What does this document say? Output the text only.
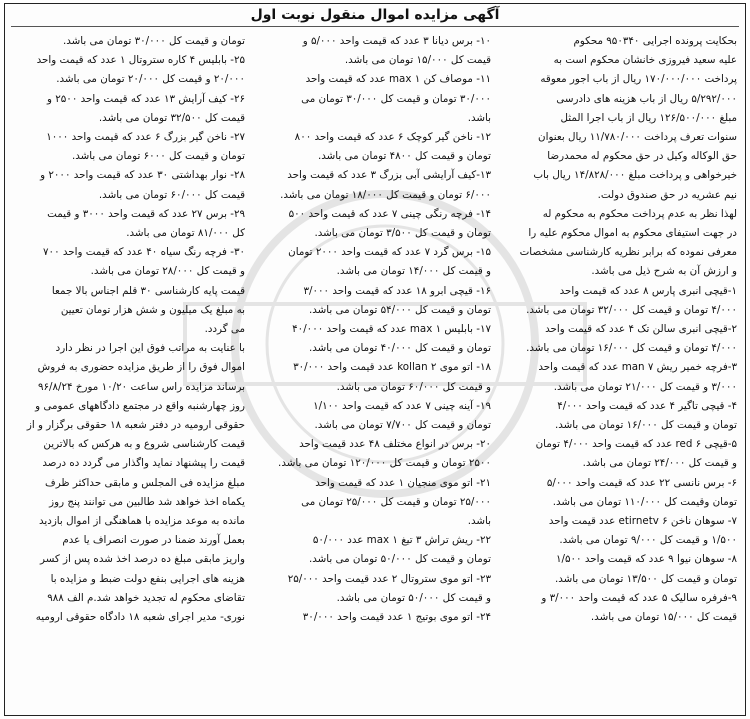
آگهی مزایده اموال منقول نوبت اول

بحکایت پرونده اجرایی ۹۵۰۳۴۰ محکوم

علیه سعید فیروزی خانشان محکوم است به

پرداخت ۱۷۰/۰۰۰/۰۰۰ ریال از باب اجور معوقه

۵/۲۹۲/۰۰۰ ریال از باب هزینه های دادرسی

مبلغ ۱۲۶/۵۰۰/۰۰۰ ریال از باب اجرا المثل

سنوات تعرف پرداخت ۱۱/۷۸۰/۰۰۰ ریال بعنوان

حق الوکاله وکیل در حق محکوم له محمدرضا

خیرخواهی و پرداخت مبلغ ۱۴/۸۲۸/۰۰۰ ریال باب

نیم عشریه در حق صندوق دولت.

لهذا نظر به عدم پرداخت محکوم به محکوم له

در جهت استیفای محکوم به اموال محکوم علیه را

معرفی نموده که برابر نظریه کارشناسی مشخصات

و ارزش آن به شرح ذیل می باشد.

۱-قیچی انبری پارس ۸ عدد که قیمت واحد

۴/۰۰۰ تومان و قیمت کل ۳۲/۰۰۰ تومان می باشد.

۲-قیچی انبری سالن تک ۴ عدد که قیمت واحد

۴/۰۰۰ تومان و قیمت کل ۱۶/۰۰۰ تومان می باشد.

۳-فرچه خمیر ریش man ۷ عدد که قیمت واحد

۳/۰۰۰ و قیمت کل ۲۱/۰۰۰ تومان می باشد.

۴- قیچی تاگیر ۴ عدد که قیمت واحد ۴/۰۰۰

تومان و قیمت کل ۱۶/۰۰۰ تومان می باشد.

۵-قیچی red ۶ عدد که قیمت واحد ۴/۰۰۰ تومان

و قیمت کل ۲۴/۰۰۰ تومان می باشد.

۶- برس نانسی ۲۲ عدد که قیمت واحد ۵/۰۰۰

تومان وقیمت کل ۱۱۰/۰۰۰ تومان می باشد.

۷- سوهان ناخن etirnetv ۶ عدد قیمت واحد

۱/۵۰۰ و قیمت کل ۹/۰۰۰ تومان می باشد.

۸- سوهان نیوا ۹ عدد که قیمت واحد ۱/۵۰۰

تومان و قیمت کل ۱۳/۵۰۰ تومان می باشد.

۹-فرفره سالیک ۵ عدد که قیمت واحد ۳/۰۰۰ و

قیمت کل ۱۵/۰۰۰ تومان می باشد.

۱۰- برس دیانا ۳ عدد که قیمت واحد ۵/۰۰۰ و

قیمت کل ۱۵/۰۰۰ تومان می باشد.

۱۱- موصاف کن max ۱ عدد که قیمت واحد

۳۰/۰۰۰ تومان و قیمت کل ۳۰/۰۰۰ تومان می

باشد.

۱۲- ناخن گیر کوچک ۶ عدد که قیمت واحد ۸۰۰

تومان و قیمت کل ۴۸۰۰ تومان می باشد.

۱۳-کیف آرایشی آبی بزرگ ۳ عدد که قیمت واحد

۶/۰۰۰ تومان و قیمت کل ۱۸/۰۰۰ تومان می باشد.

۱۴- فرچه رنگی چینی ۷ عدد که قیمت واحد ۵۰۰

تومان و قیمت کل ۳/۵۰۰ تومان می باشد.

۱۵- برس گرد ۷ عدد که قیمت واحد ۲۰۰۰ تومان

و قیمت کل ۱۴/۰۰۰ تومان می باشد.

۱۶- قیچی ابرو ۱۸ عدد که قیمت واحد ۳/۰۰۰

تومان و قیمت کل ۵۴/۰۰۰ تومان می باشد.

۱۷- بابلیس max ۱ عدد که قیمت واحد ۴۰/۰۰۰

تومان و قیمت کل ۴۰/۰۰۰ تومان می باشد.

۱۸- اتو موی kollan ۲ عدد قیمت واحد ۳۰/۰۰۰

و قیمت کل ۶۰/۰۰۰ تومان می باشد.

۱۹- آینه چینی ۷ عدد که قیمت واحد ۱/۱۰۰

تومان و قیمت کل ۷/۷۰۰ تومان می باشد.

۲۰- برس در انواع مختلف ۴۸ عدد قیمت واحد

۲۵۰۰ تومان و قیمت کل ۱۲۰/۰۰۰ تومان می باشد.

۲۱- اتو موی منجیان ۱ عدد که قیمت واحد

۲۵/۰۰۰ تومان و قیمت کل ۲۵/۰۰۰ تومان می

باشد.

۲۲- ریش تراش ۳ تیغ max ۱ عدد ۵۰/۰۰۰

تومان و قیمت کل ۵۰/۰۰۰ تومان می باشد.

۲۳- اتو موی ستروتال ۲ عدد قیمت واحد ۲۵/۰۰۰

و قیمت کل ۵۰/۰۰۰ تومان می باشد.

۲۴- اتو موی بوتیج ۱ عدد قیمت واحد ۳۰/۰۰۰

تومان و قیمت کل ۳۰/۰۰۰ تومان می باشد.

۲۵- بابلیس ۴ کاره ستروتال ۱ عدد که قیمت واحد

۲۰/۰۰۰ و قیمت کل ۲۰/۰۰۰ تومان می باشد.

۲۶- کیف آرایش ۱۳ عدد که قیمت واحد ۲۵۰۰ و

قیمت کل ۳۲/۵۰۰ تومان می باشد.

۲۷- ناخن گیر بزرگ ۶ عدد که قیمت واحد ۱۰۰۰

تومان و قیمت کل ۶۰۰۰ تومان می باشد.

۲۸- نوار بهداشتی ۳۰ عدد که قیمت واحد ۲۰۰۰ و

قیمت کل ۶۰/۰۰۰ تومان می باشد.

۲۹- برس ۲۷ عدد که قیمت واحد ۳۰۰۰ و قیمت

کل ۸۱/۰۰۰ تومان می باشد.

۳۰- فرچه رنگ سیاه ۴۰ عدد که قیمت واحد ۷۰۰

و قیمت کل ۲۸/۰۰۰ تومان می باشد.

قیمت پایه کارشناسی ۳۰ قلم اجناس بالا جمعا

به مبلغ یک میلیون و شش هزار تومان تعیین

می گردد.

با عنایت به مراتب فوق این اجرا در نظر دارد

اموال فوق را از طریق مزایده حضوری به فروش

برساند مزایده راس ساعت ۱۰/۲۰ مورخ ۹۶/۸/۲۴

روز چهارشنبه واقع در مجتمع دادگاههای عمومی و

حقوقی ارومیه در دفتر شعبه ۱۸ حقوقی برگزار و از

قیمت کارشناسی شروع و به هرکس که بالاترین

قیمت را پیشنهاد نماید واگذار می گردد ده درصد

مبلغ مزایده فی المجلس و مابقی حداکثر ظرف

یکماه اخذ خواهد شد طالبین می توانند پنج روز

مانده به موعد مزایده با هماهنگی از اموال بازدید

بعمل آورند ضمنا در صورت انصراف یا عدم

واریز مابقی مبلغ ده درصد اخذ شده پس از کسر

هزینه های اجرایی بنفع دولت ضبط و مزایده با

تقاضای محکوم له تجدید خواهد شد.م الف ۹۸۸

نوری- مدیر اجرای شعبه ۱۸ دادگاه حقوقی ارومیه
